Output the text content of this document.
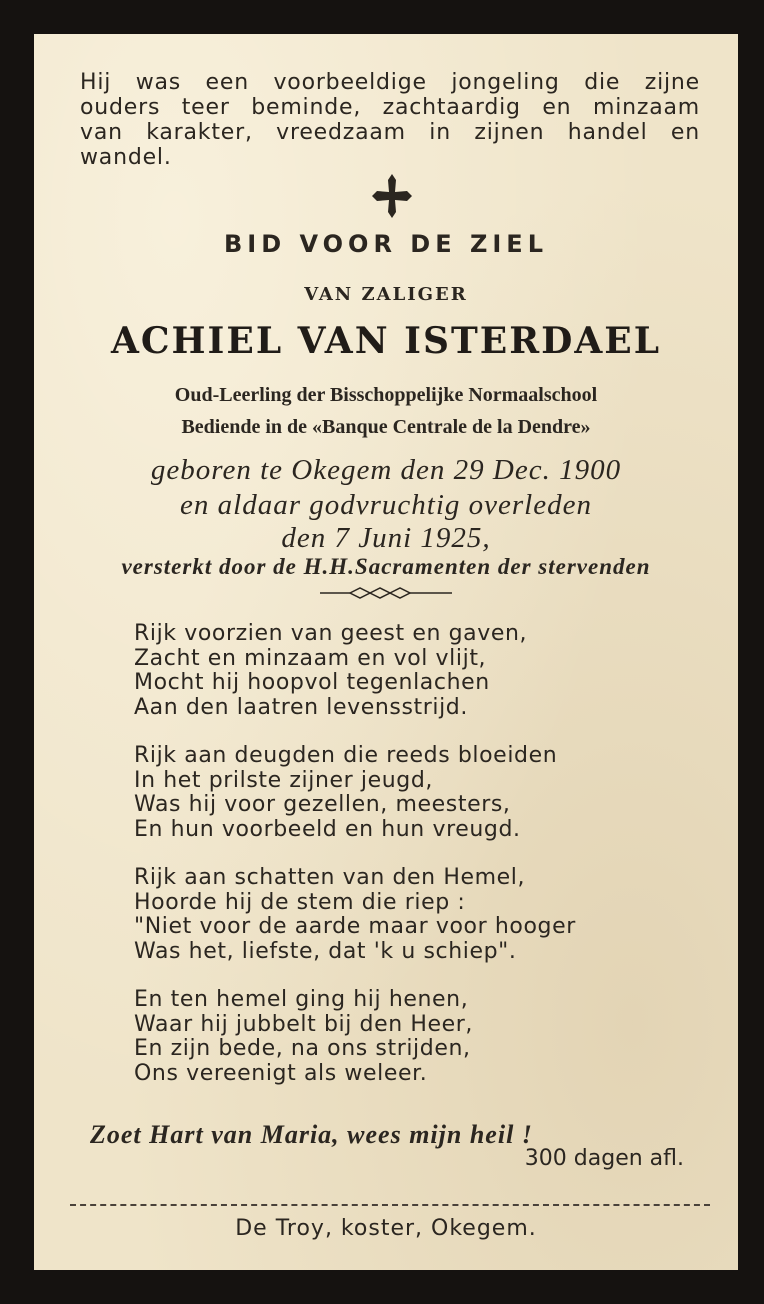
Hij was een voorbeeldige jongeling die zijne
ouders teer beminde, zachtaardig en minzaam
van karakter, vreedzaam in zijnen handel en
wandel.
BID VOOR DE ZIEL
VAN ZALIGER
ACHIEL VAN ISTERDAEL
Oud-Leerling der Bisschoppelijke Normaalschool
Bediende in de «Banque Centrale de la Dendre»
geboren te Okegem den 29 Dec. 1900
en aldaar godvruchtig overleden
den 7 Juni 1925,
versterkt door de H.H.Sacramenten der stervenden
Rijk voorzien van geest en gaven,
Zacht en minzaam en vol vlijt,
Mocht hij hoopvol tegenlachen
Aan den laatren levensstrijd.
Rijk aan deugden die reeds bloeiden
In het prilste zijner jeugd,
Was hij voor gezellen, meesters,
En hun voorbeeld en hun vreugd.
Rijk aan schatten van den Hemel,
Hoorde hij de stem die riep :
"Niet voor de aarde maar voor hooger
Was het, liefste, dat 'k u schiep".
En ten hemel ging hij henen,
Waar hij jubbelt bij den Heer,
En zijn bede, na ons strijden,
Ons vereenigt als weleer.
Zoet Hart van Maria, wees mijn heil !
300 dagen afl.
De Troy, koster, Okegem.
